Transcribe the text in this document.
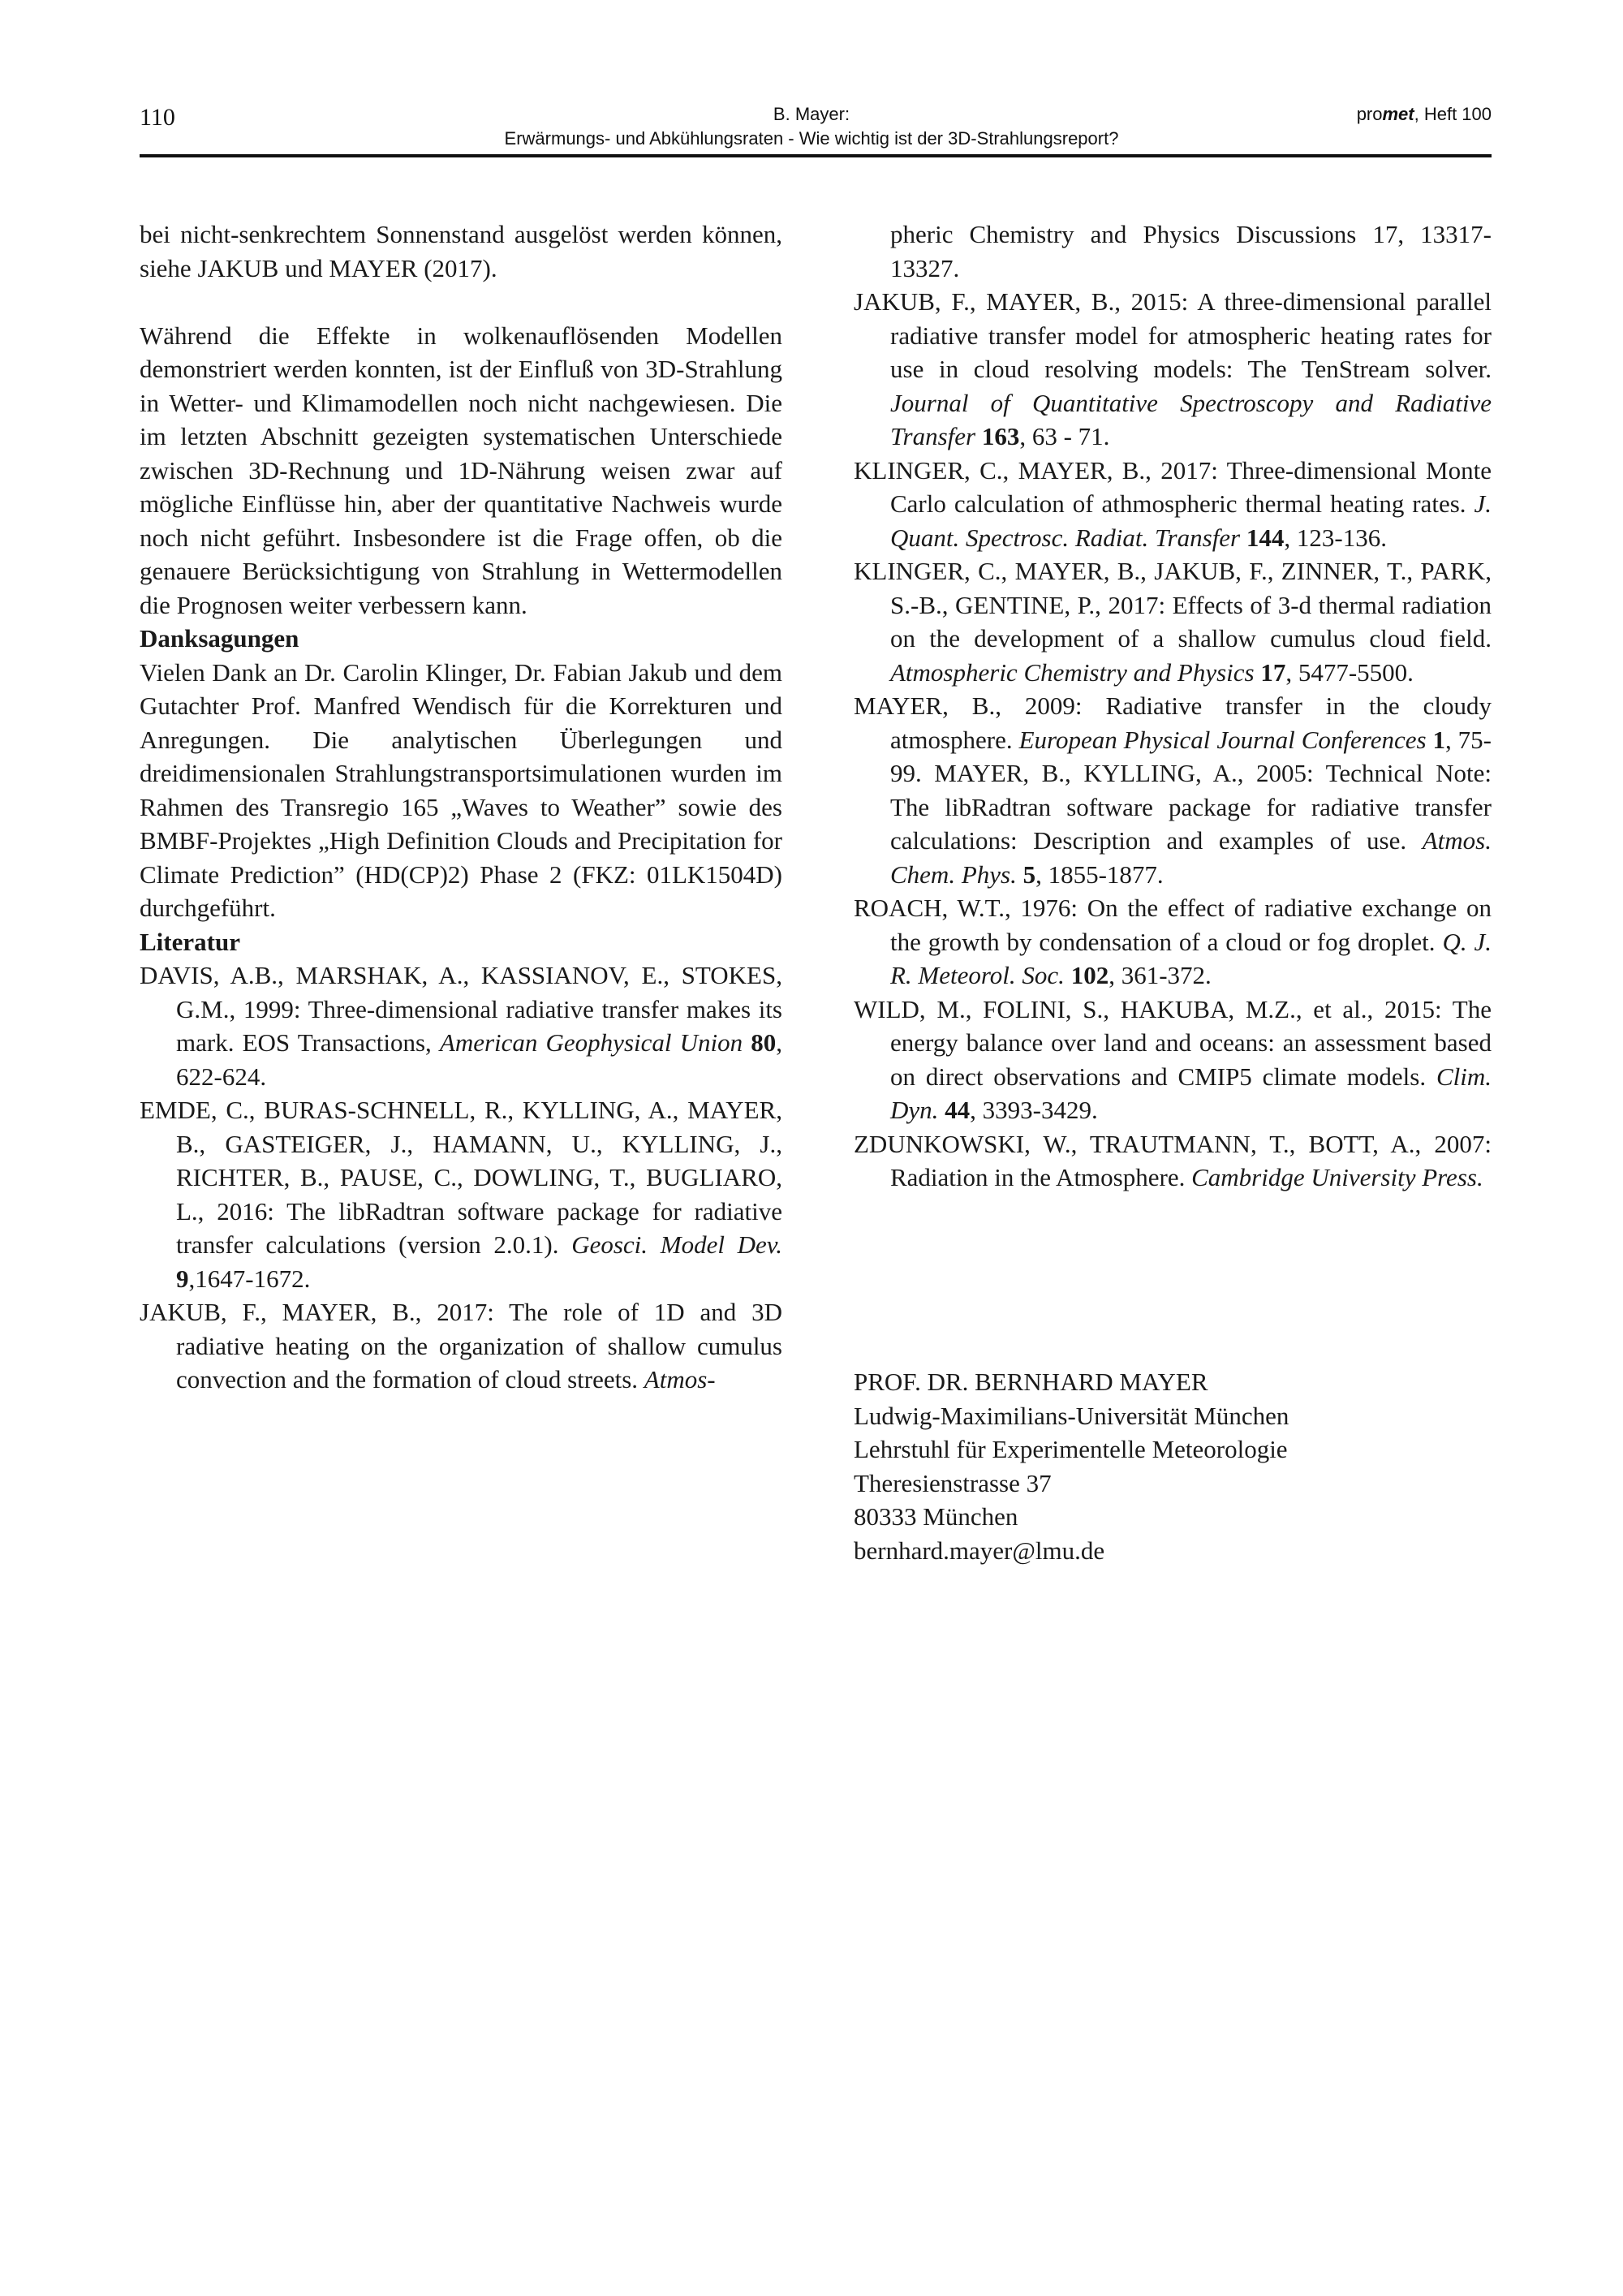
110	B. Mayer:
Erwärmungs- und Abkühlungsraten - Wie wichtig ist der 3D-Strahlungsreport?
promet, Heft 100

bei nicht-senkrechtem Sonnenstand ausgelöst werden können, siehe JAKUB und MAYER (2017).

Während die Effekte in wolkenauflösenden Modellen demonstriert werden konnten, ist der Einfluß von 3D-Strahlung in Wetter- und Klimamodellen noch nicht nachgewiesen. Die im letzten Abschnitt gezeigten systematischen Unterschiede zwischen 3D-Rechnung und 1D-Nährung weisen zwar auf mögliche Einflüsse hin, aber der quantitative Nachweis wurde noch nicht geführt. Insbesondere ist die Frage offen, ob die genauere Berücksichtigung von Strahlung in Wettermodellen die Prognosen weiter verbessern kann.

Danksagungen

Vielen Dank an Dr. Carolin Klinger, Dr. Fabian Jakub und dem Gutachter Prof. Manfred Wendisch für die Korrekturen und Anregungen. Die analytischen Überlegungen und dreidimensionalen Strahlungstransportsimulationen wurden im Rahmen des Transregio 165 „Waves to Weather” sowie des BMBF-Projektes „High Definition Clouds and Precipitation for Climate Prediction” (HD(CP)2) Phase 2 (FKZ: 01LK1504D) durchgeführt.

Literatur

DAVIS, A.B., MARSHAK, A., KASSIANOV, E., STOKES, G.M., 1999: Three-dimensional radiative transfer makes its mark. EOS Transactions, American Geophysical Union 80, 622-624.

EMDE, C., BURAS-SCHNELL, R., KYLLING, A., MAYER, B., GASTEIGER, J., HAMANN, U., KYLLING, J., RICHTER, B., PAUSE, C., DOWLING, T., BUGLIARO, L., 2016: The libRadtran software package for radiative transfer calculations (version 2.0.1). Geosci. Model Dev. 9,1647-1672.

JAKUB, F., MAYER, B., 2017: The role of 1D and 3D radiative heating on the organization of shallow cumulus convection and the formation of cloud streets. Atmos-

pheric Chemistry and Physics Discussions 17, 13317-13327.

JAKUB, F., MAYER, B., 2015: A three-dimensional parallel radiative transfer model for atmospheric heating rates for use in cloud resolving models: The TenStream solver. Journal of Quantitative Spectroscopy and Radiative Transfer 163, 63 - 71.

KLINGER, C., MAYER, B., 2017: Three-dimensional Monte Carlo calculation of athmospheric thermal heating rates. J. Quant. Spectrosc. Radiat. Transfer 144, 123-136.

KLINGER, C., MAYER, B., JAKUB, F., ZINNER, T., PARK, S.-B., GENTINE, P., 2017: Effects of 3-d thermal radiation on the development of a shallow cumulus cloud field. Atmospheric Chemistry and Physics 17, 5477-5500.

MAYER, B., 2009: Radiative transfer in the cloudy atmosphere. European Physical Journal Conferences 1, 75-99. MAYER, B., KYLLING, A., 2005: Technical Note: The libRadtran software package for radiative transfer calculations: Description and examples of use. Atmos. Chem. Phys. 5, 1855-1877.

ROACH, W.T., 1976: On the effect of radiative exchange on the growth by condensation of a cloud or fog droplet. Q. J. R. Meteorol. Soc. 102, 361-372.

WILD, M., FOLINI, S., HAKUBA, M.Z., et al., 2015: The energy balance over land and oceans: an assessment based on direct observations and CMIP5 climate models. Clim. Dyn. 44, 3393-3429.

ZDUNKOWSKI, W., TRAUTMANN, T., BOTT, A., 2007: Radiation in the Atmosphere. Cambridge University Press.

PROF. DR. BERNHARD MAYER
Ludwig-Maximilians-Universität München
Lehrstuhl für Experimentelle Meteorologie
Theresienstrasse 37
80333 München
bernhard.mayer@lmu.de
